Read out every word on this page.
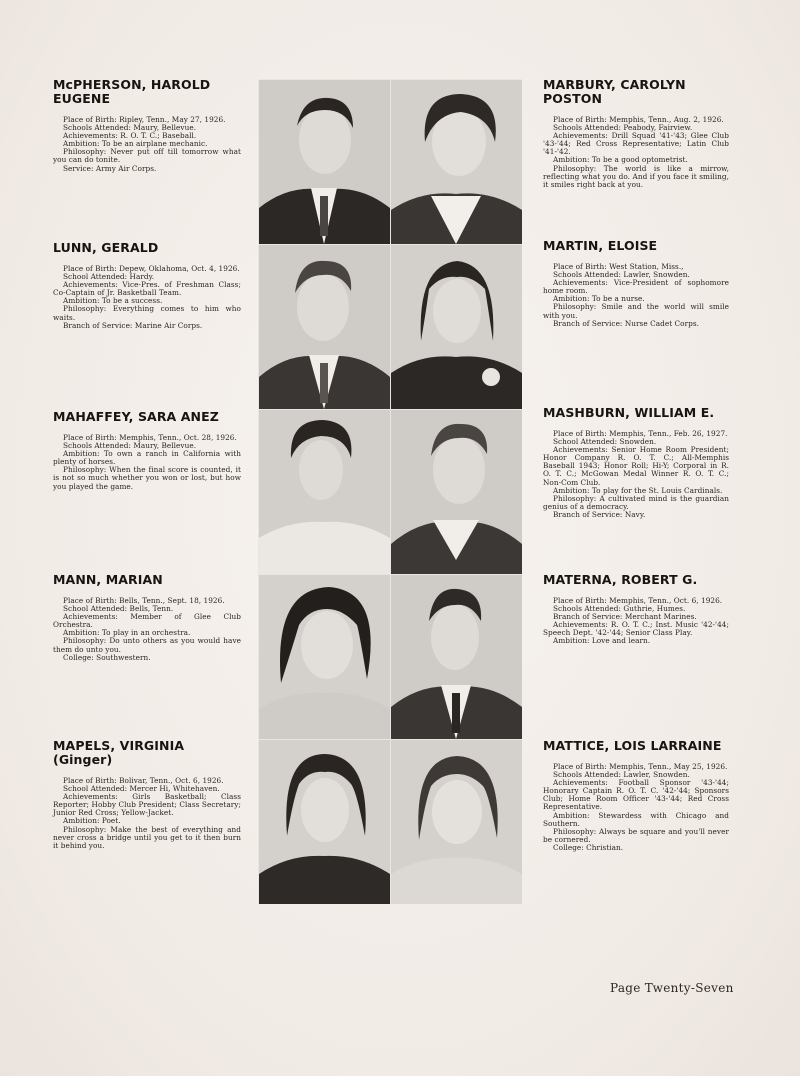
McPHERSON, HAROLD EUGENE

Place of Birth: Ripley, Tenn., May 27, 1926.

Schools Attended: Maury, Bellevue.

Achievements: R. O. T. C.; Baseball.

Ambition: To be an airplane mechanic.

Philosophy: Never put off till tomorrow what you can do tonite.

Service: Army Air Corps.

LUNN, GERALD

Place of Birth: Depew, Oklahoma, Oct. 4, 1926.

School Attended: Hardy.

Achievements: Vice-Pres. of Freshman Class; Co-Captain of Jr. Basketball Team.

Ambition: To be a success.

Philosophy: Everything comes to him who waits.

Branch of Service: Marine Air Corps.

MAHAFFEY, SARA ANEZ

Place of Birth: Memphis, Tenn., Oct. 28, 1926.

Schools Attended: Maury, Bellevue.

Ambition: To own a ranch in California with plenty of horses.

Philosophy: When the final score is counted, it is not so much whether you won or lost, but how you played the game.

MANN, MARIAN

Place of Birth: Bells, Tenn., Sept. 18, 1926.

School Attended: Bells, Tenn.

Achievements: Member of Glee Club Orchestra.

Ambition: To play in an orchestra.

Philosophy: Do unto others as you would have them do unto you.

College: Southwestern.

MAPELS, VIRGINIA (Ginger)

Place of Birth: Bolivar, Tenn., Oct. 6, 1926.

School Attended: Mercer Hi, Whitehaven.

Achievements: Girls Basketball; Class Reporter; Hobby Club President; Class Secretary; Junior Red Cross; Yellow-Jacket.

Ambition: Poet.

Philosophy: Make the best of everything and never cross a bridge until you get to it then burn it behind you.

MARBURY, CAROLYN POSTON

Place of Birth: Memphis, Tenn., Aug. 2, 1926.

Schools Attended: Peabody, Fairview.

Achievements: Drill Squad '41-'43; Glee Club '43-'44; Red Cross Representative; Latin Club '41-'42.

Ambition: To be a good optometrist.

Philosophy: The world is like a mirrow, reflecting what you do. And if you face it smiling, it smiles right back at you.

MARTIN, ELOISE

Place of Birth: West Station, Miss.,

Schools Attended: Lawler, Snowden.

Achievements: Vice-President of sophomore home room.

Ambition: To be a nurse.

Philosophy: Smile and the world will smile with you.

Branch of Service: Nurse Cadet Corps.

MASHBURN, WILLIAM E.

Place of Birth: Memphis, Tenn., Feb. 26, 1927.

School Attended: Snowden.

Achievements: Senior Home Room President; Honor Company R. O. T. C.; All-Memphis Baseball 1943; Honor Roll; Hi-Y; Corporal in R. O. T. C.; McGowan Medal Winner R. O. T. C.; Non-Com Club.

Ambition: To play for the St. Louis Cardinals.

Philosophy: A cultivated mind is the guardian genius of a democracy.

Branch of Service: Navy.

MATERNA, ROBERT G.

Place of Birth: Memphis, Tenn., Oct. 6, 1926.

Schools Attended: Guthrie, Humes.

Branch of Service: Merchant Marines.

Achievements: R. O. T. C.; Inst. Music '42-'44; Speech Dept. '42-'44; Senior Class Play.

Ambition: Love and learn.

MATTICE, LOIS LARRAINE

Place of Birth: Memphis, Tenn., May 25, 1926.

Schools Attended: Lawler, Snowden.

Achievements: Football Sponsor '43-'44; Honorary Captain R. O. T. C. '42-'44; Sponsors Club; Home Room Officer '43-'44; Red Cross Representative.

Ambition: Stewardess with Chicago and Southern.

Philosophy: Always be square and you'll never be cornered.

College: Christian.

Page Twenty-Seven
